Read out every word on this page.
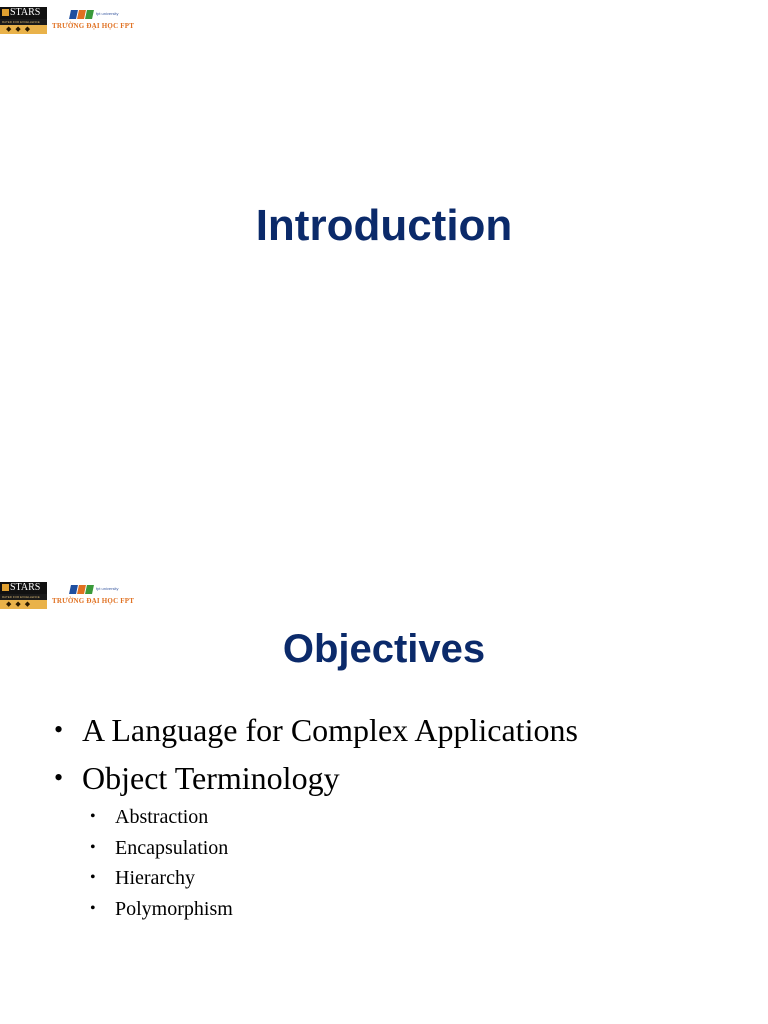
STARS
RATED FOR EXCELLENCE
◆◆◆
fpt university
TRƯỜNG ĐẠI HỌC FPT
Introduction
STARS
RATED FOR EXCELLENCE
◆◆◆
fpt university
TRƯỜNG ĐẠI HỌC FPT
Objectives
• A Language for Complex Applications
• Object Terminology
• Abstraction
• Encapsulation
• Hierarchy
• Polymorphism
